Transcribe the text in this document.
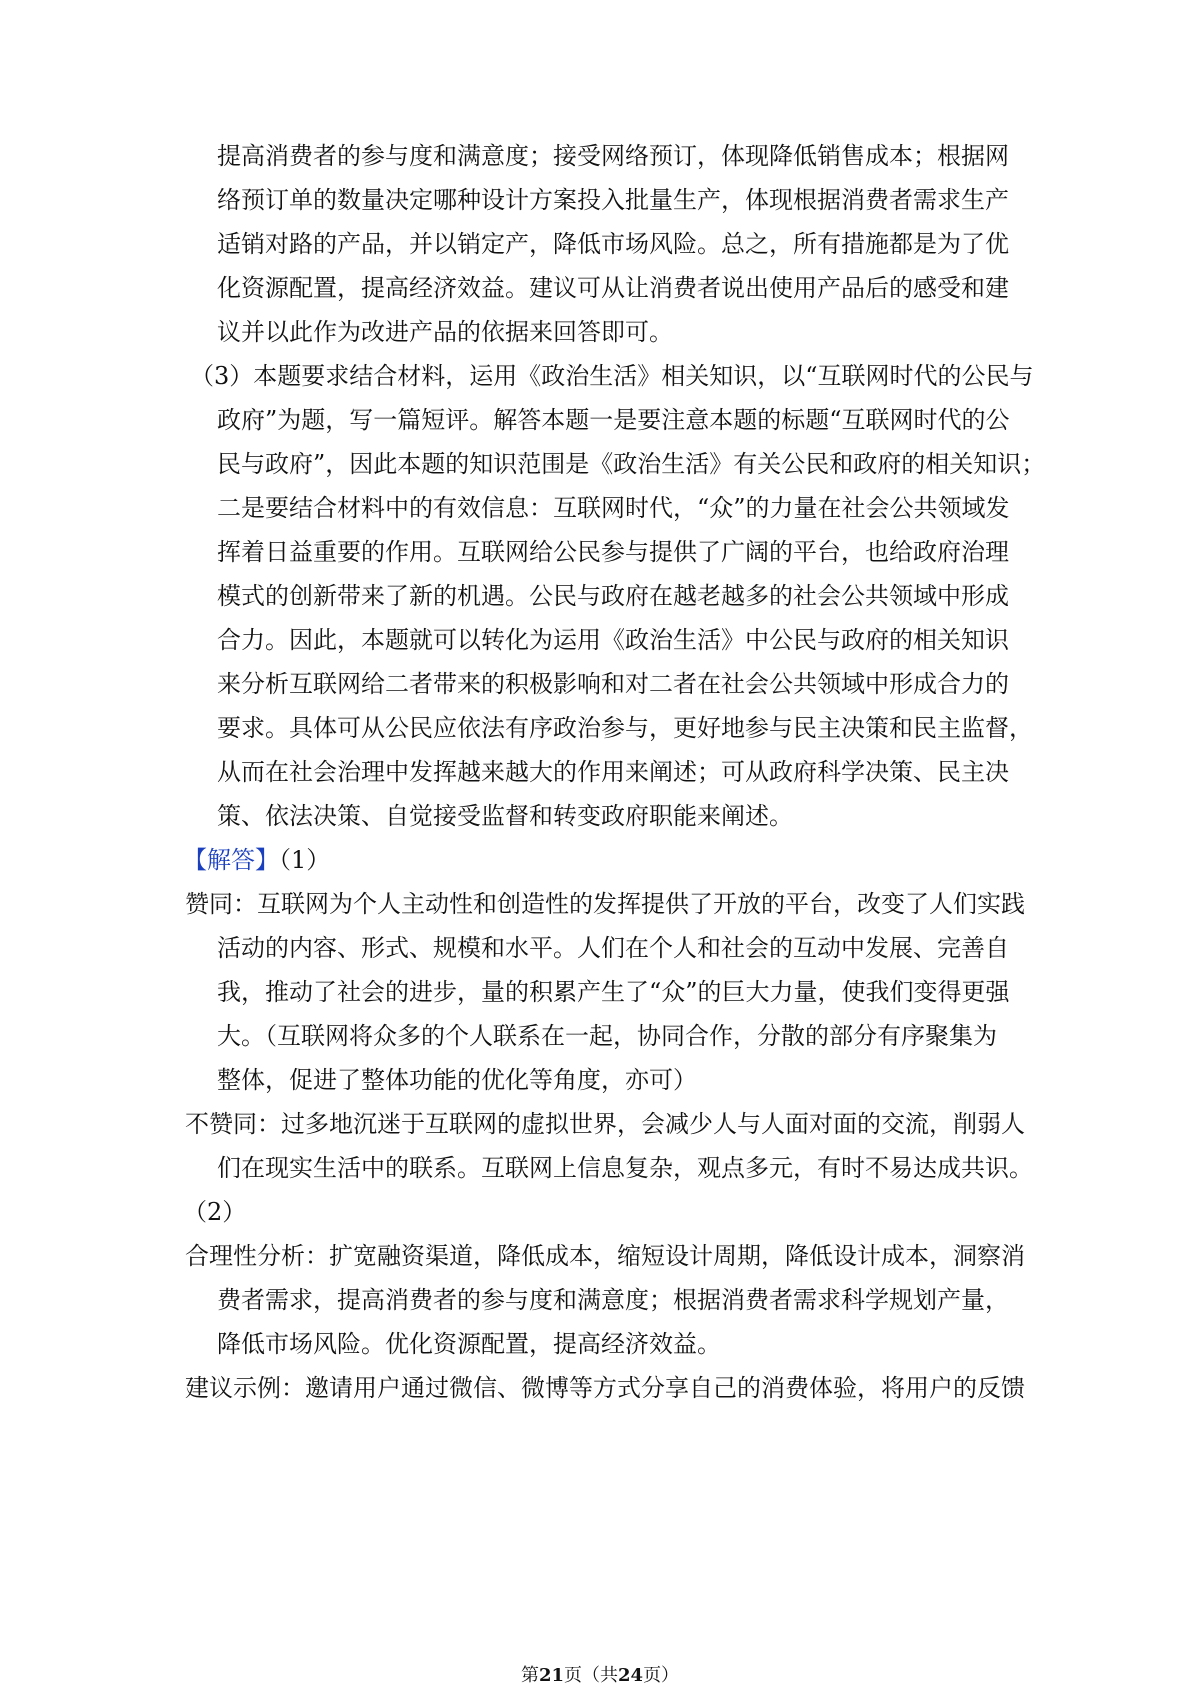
提高消费者的参与度和满意度；接受网络预订，体现降低销售成本；根据网
络预订单的数量决定哪种设计方案投入批量生产，体现根据消费者需求生产
适销对路的产品，并以销定产，降低市场风险。总之，所有措施都是为了优
化资源配置，提高经济效益。建议可从让消费者说出使用产品后的感受和建
议并以此作为改进产品的依据来回答即可。
（3）本题要求结合材料，运用《政治生活》相关知识，以“互联网时代的公民与
政府”为题，写一篇短评。解答本题一是要注意本题的标题“互联网时代的公
民与政府”，因此本题的知识范围是《政治生活》有关公民和政府的相关知识；
二是要结合材料中的有效信息：互联网时代，“众”的力量在社会公共领域发
挥着日益重要的作用。互联网给公民参与提供了广阔的平台，也给政府治理
模式的创新带来了新的机遇。公民与政府在越老越多的社会公共领域中形成
合力。因此，本题就可以转化为运用《政治生活》中公民与政府的相关知识
来分析互联网给二者带来的积极影响和对二者在社会公共领域中形成合力的
要求。具体可从公民应依法有序政治参与，更好地参与民主决策和民主监督，
从而在社会治理中发挥越来越大的作用来阐述；可从政府科学决策、民主决
策、依法决策、自觉接受监督和转变政府职能来阐述。
【解答】（1）
赞同：互联网为个人主动性和创造性的发挥提供了开放的平台，改变了人们实践
活动的内容、形式、规模和水平。人们在个人和社会的互动中发展、完善自
我，推动了社会的进步，量的积累产生了“众”的巨大力量，使我们变得更强
大。（互联网将众多的个人联系在一起，协同合作，分散的部分有序聚集为
整体，促进了整体功能的优化等角度，亦可）
不赞同：过多地沉迷于互联网的虚拟世界，会减少人与人面对面的交流，削弱人
们在现实生活中的联系。互联网上信息复杂，观点多元，有时不易达成共识。
（2）
合理性分析：扩宽融资渠道，降低成本，缩短设计周期，降低设计成本，洞察消
费者需求，提高消费者的参与度和满意度；根据消费者需求科学规划产量，
降低市场风险。优化资源配置，提高经济效益。
建议示例：邀请用户通过微信、微博等方式分享自己的消费体验，将用户的反馈
第21页（共24页）
